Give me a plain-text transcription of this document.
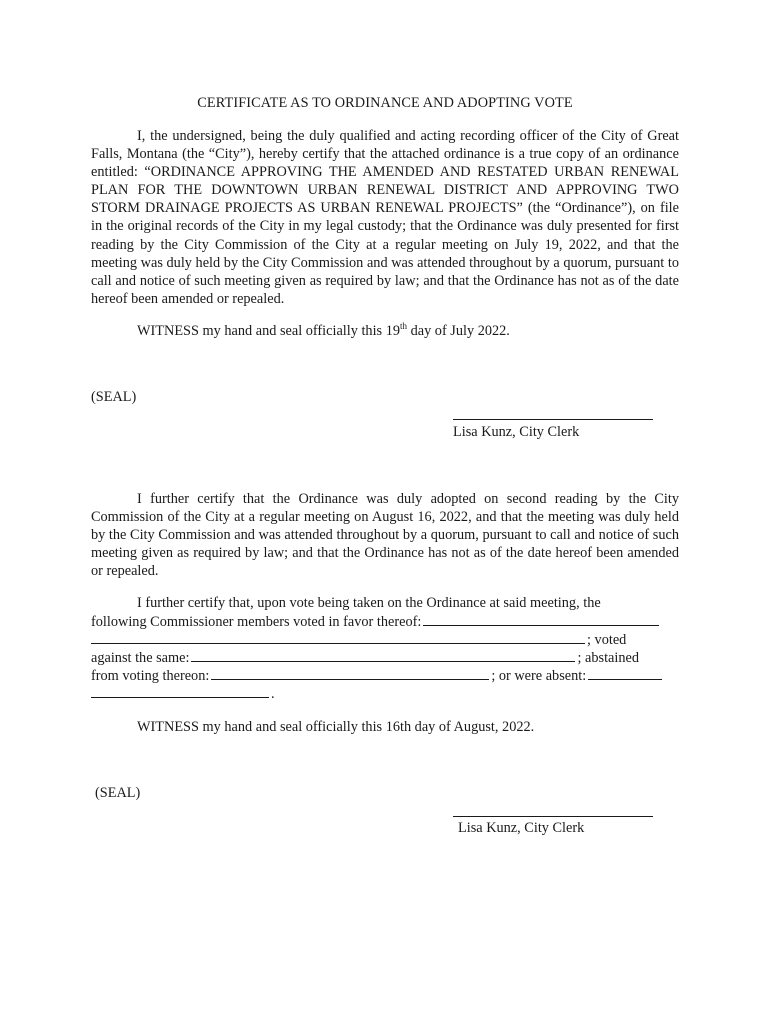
CERTIFICATE AS TO ORDINANCE AND ADOPTING VOTE

I, the undersigned, being the duly qualified and acting recording officer of the City of Great Falls, Montana (the “City”), hereby certify that the attached ordinance is a true copy of an ordinance entitled: “ORDINANCE APPROVING THE AMENDED AND RESTATED URBAN RENEWAL PLAN FOR THE DOWNTOWN URBAN RENEWAL DISTRICT AND APPROVING TWO STORM DRAINAGE PROJECTS AS URBAN RENEWAL PROJECTS” (the “Ordinance”), on file in the original records of the City in my legal custody; that the Ordinance was duly presented for first reading by the City Commission of the City at a regular meeting on July 19, 2022, and that the meeting was duly held by the City Commission and was attended throughout by a quorum, pursuant to call and notice of such meeting given as required by law; and that the Ordinance has not as of the date hereof been amended or repealed.

WITNESS my hand and seal officially this 19th day of July 2022.
(SEAL)
Lisa Kunz, City Clerk

I further certify that the Ordinance was duly adopted on second reading by the City Commission of the City at a regular meeting on August 16, 2022, and that the meeting was duly held by the City Commission and was attended throughout by a quorum, pursuant to call and notice of such meeting given as required by law; and that the Ordinance has not as of the date hereof been amended or repealed.

I further certify that, upon vote being taken on the Ordinance at said meeting, the
following Commissioner members voted in favor thereof:
; voted
against the same:	; abstained
from voting thereon:	; or were absent:
.
WITNESS my hand and seal officially this 16th day of August, 2022.
(SEAL)
Lisa Kunz, City Clerk
